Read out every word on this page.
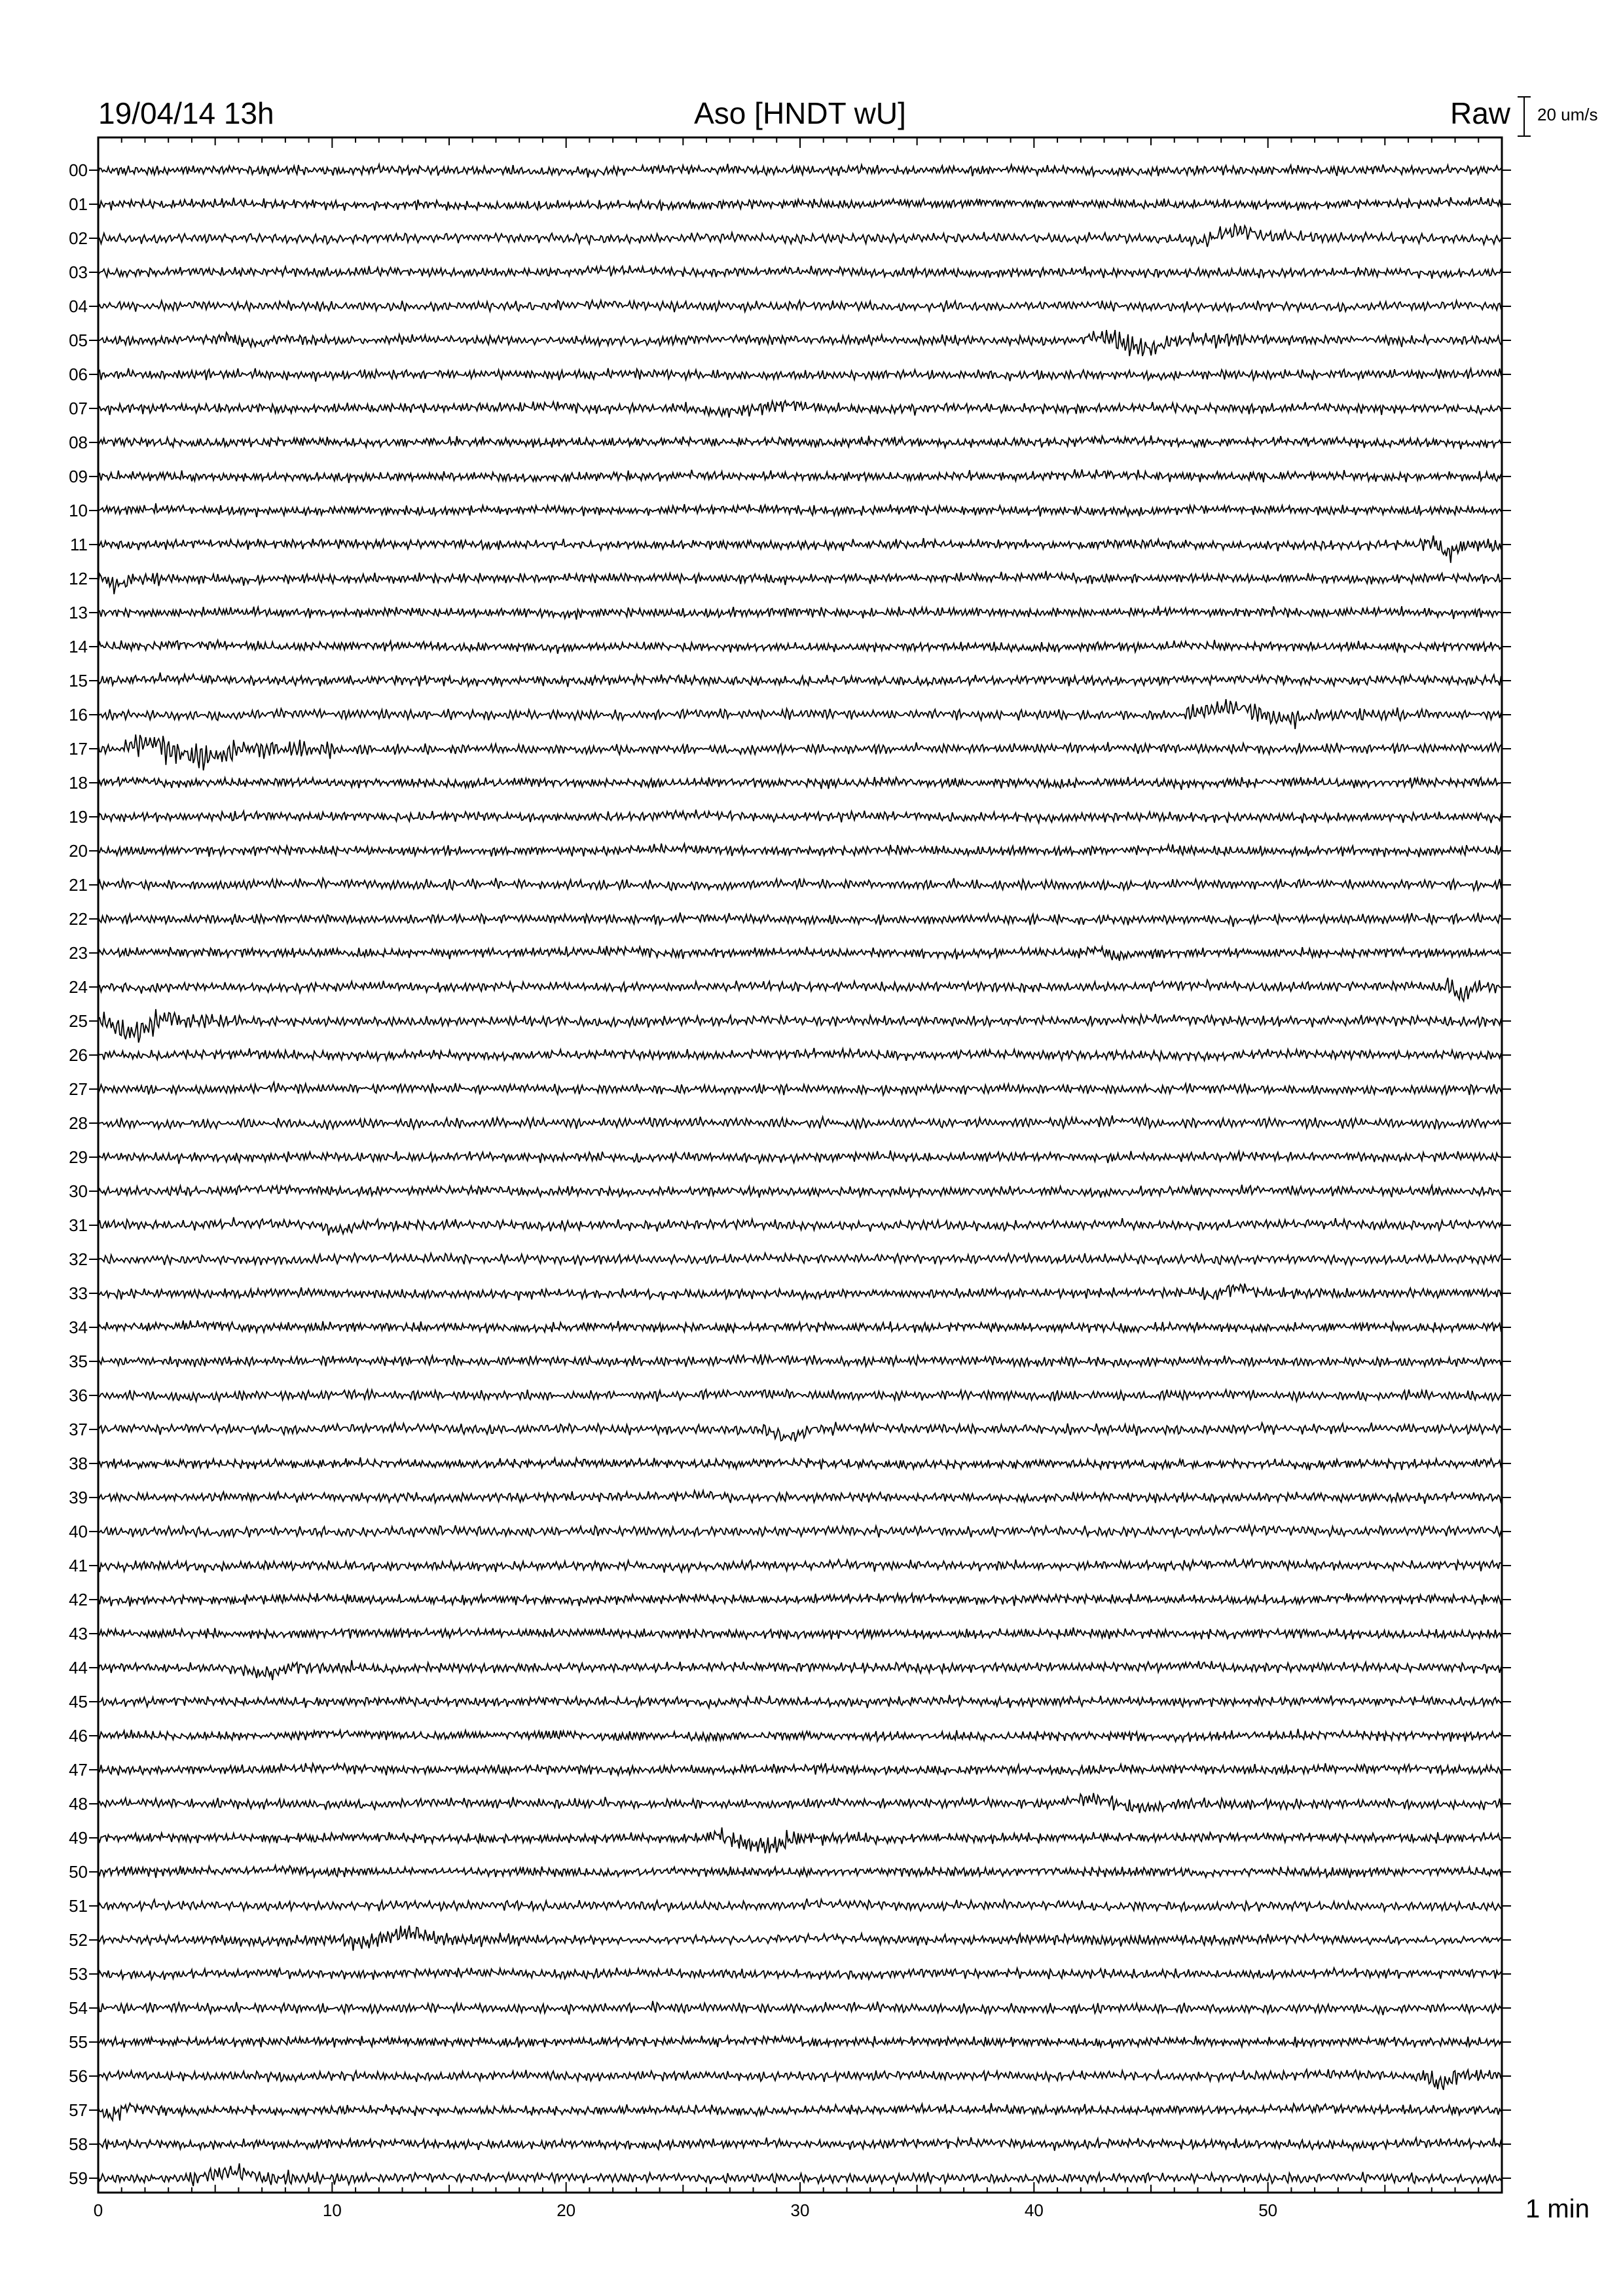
19/04/14 13h	Aso [HNDT wU]	Raw 20 um/s
1 min
00
01
02
03
04
05
06
07
08
09
10
11
12
13
14
15
16
17
18
19
20
21
22
23
24
25
26
27
28
29
30
31
32
33
34
35
36
37
38
39
40
41
42
43
44
45
46
47
48
49
50
51
52
53
54
55
56
57
58
59
0	10	20	30	40	50
